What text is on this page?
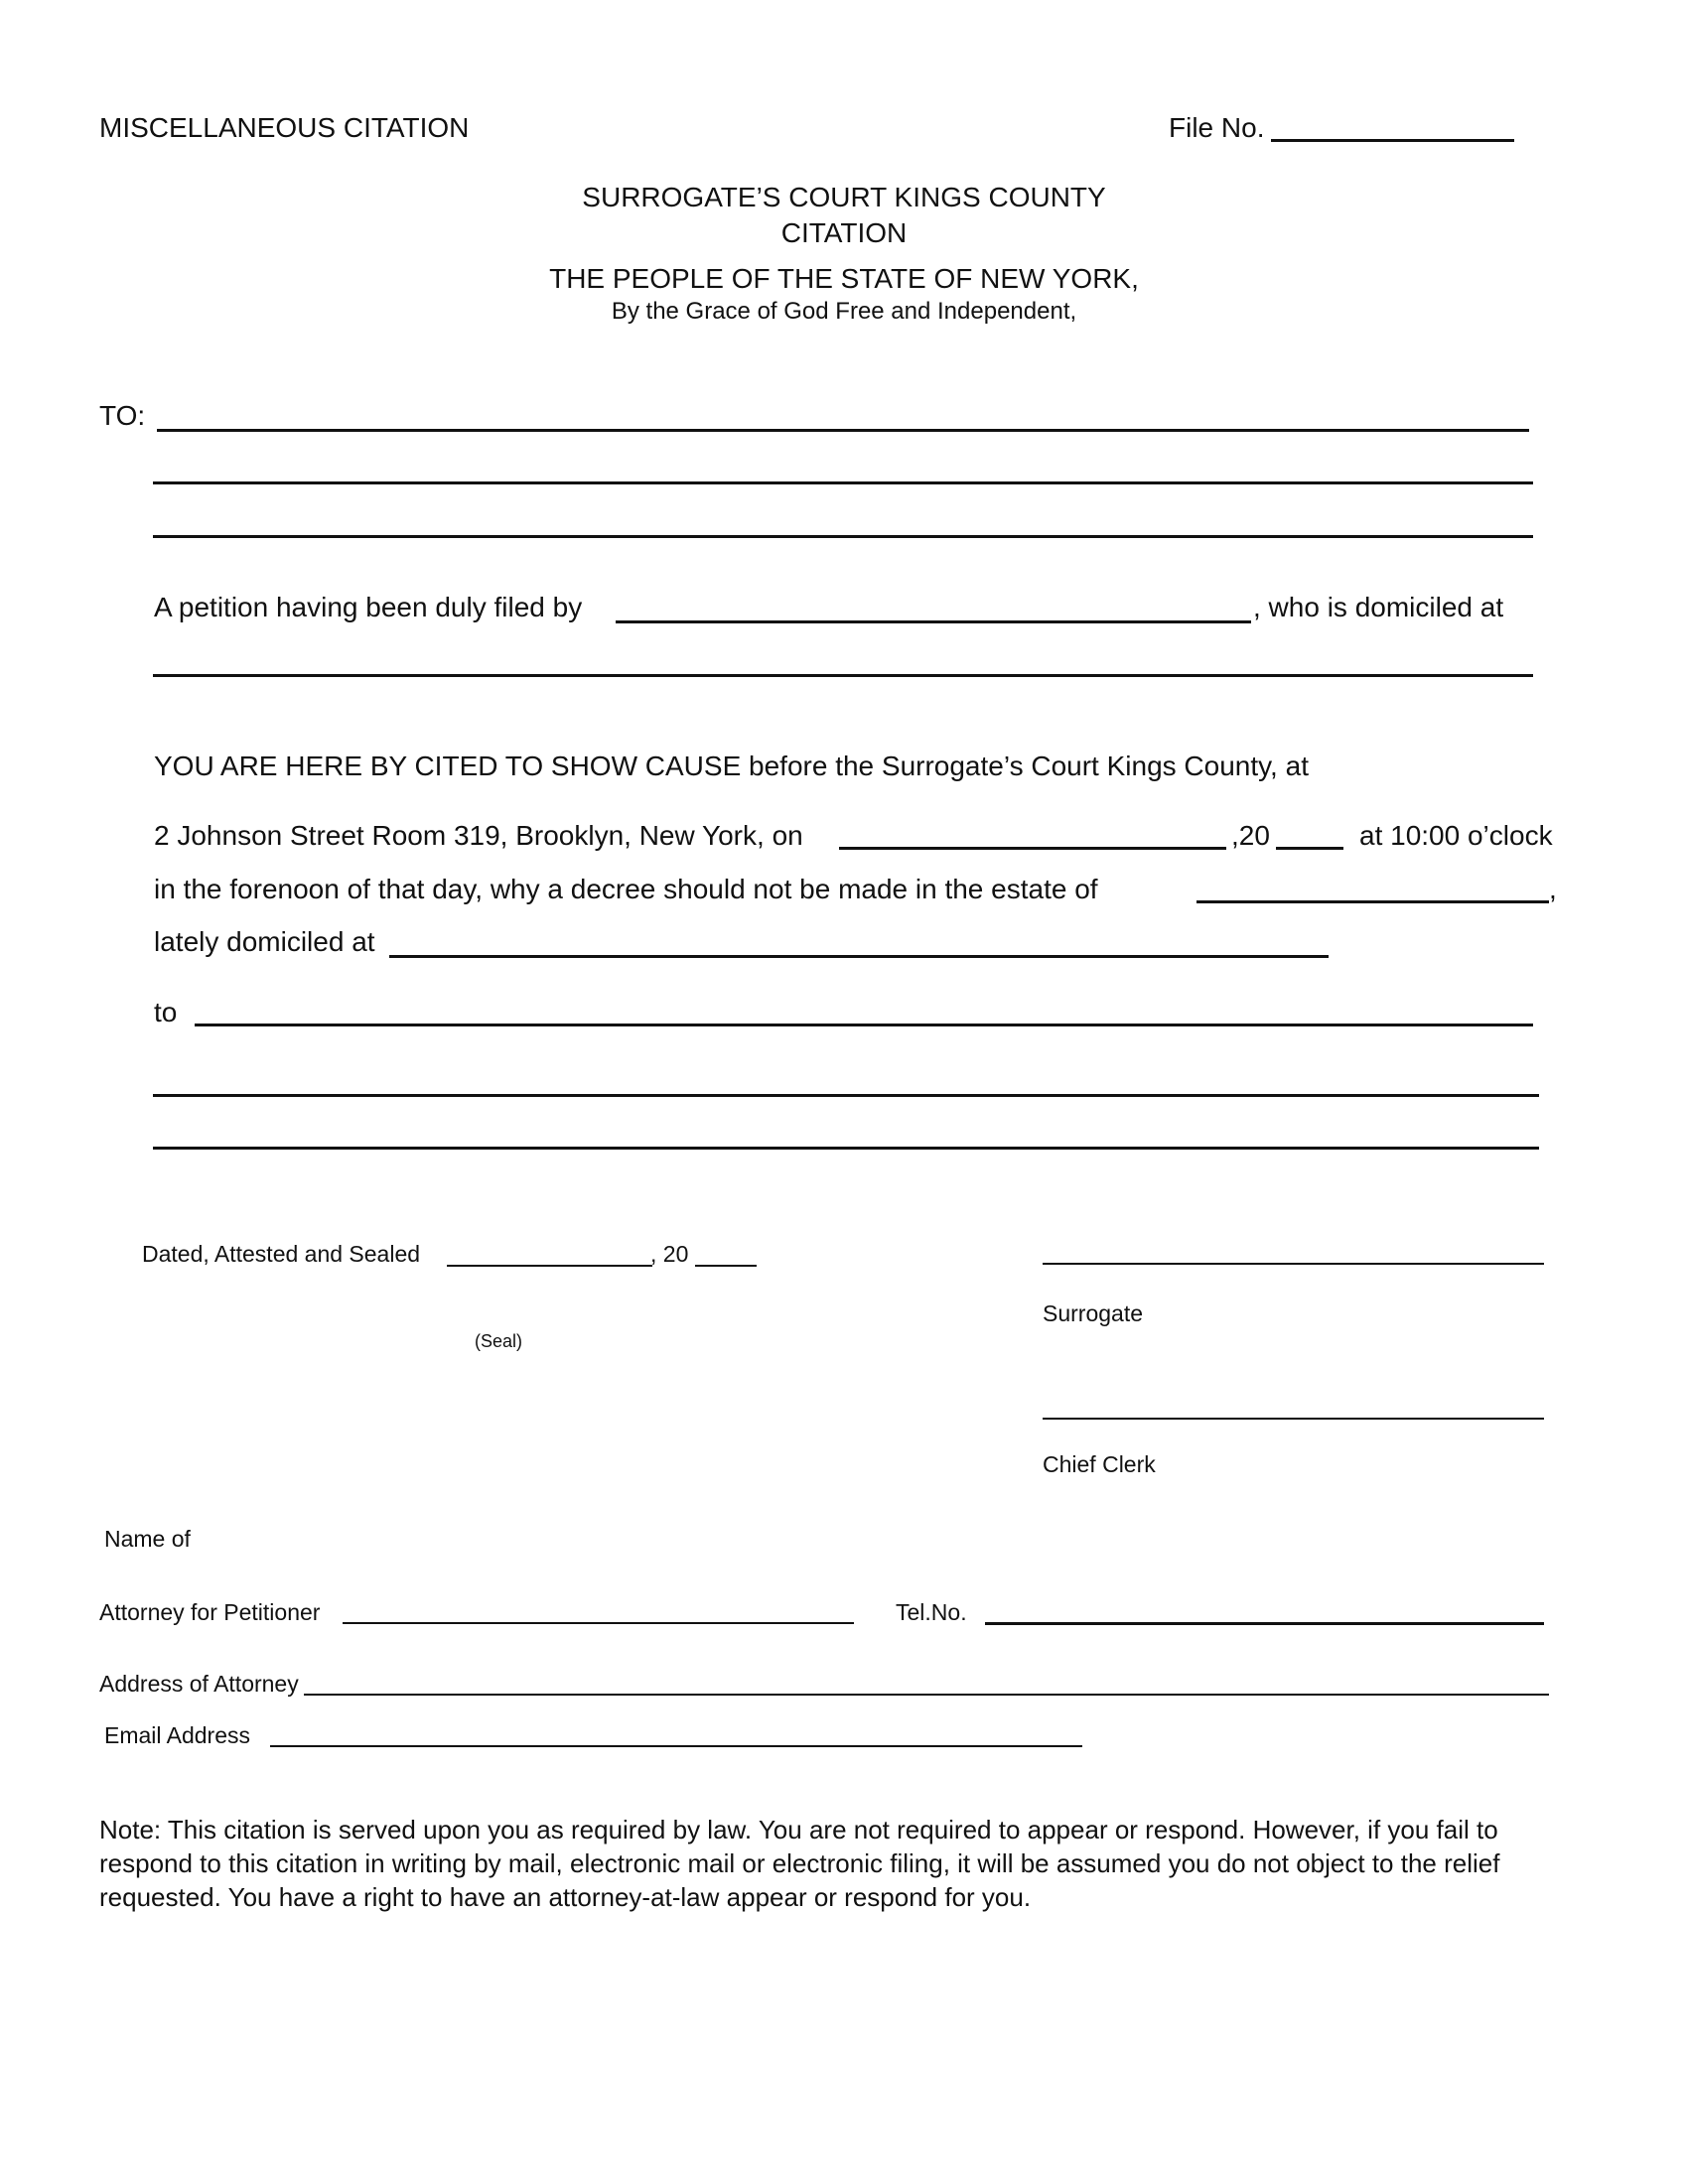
MISCELLANEOUS CITATION	File No.
SURROGATE’S COURT KINGS COUNTY
CITATION
THE PEOPLE OF THE STATE OF NEW YORK,
By the Grace of God Free and Independent,
TO:
A petition having been duly filed by	, who is domiciled at
YOU ARE HERE BY CITED TO SHOW CAUSE before the Surrogate’s Court Kings County, at
2 Johnson Street Room 319, Brooklyn, New York, on	,20	at 10:00 o’clock
in the forenoon of that day, why a decree should not be made in the estate of	,
lately domiciled at
to
Dated, Attested and Sealed	, 20
Surrogate
(Seal)
Chief Clerk
Name of
Attorney for Petitioner	Tel.No.
Address of Attorney
Email Address
Note: This citation is served upon you as required by law. You are not required to appear or respond. However, if you fail to respond to this citation in writing by mail, electronic mail or electronic filing, it will be assumed you do not object to the relief requested. You have a right to have an attorney-at-law appear or respond for you.
